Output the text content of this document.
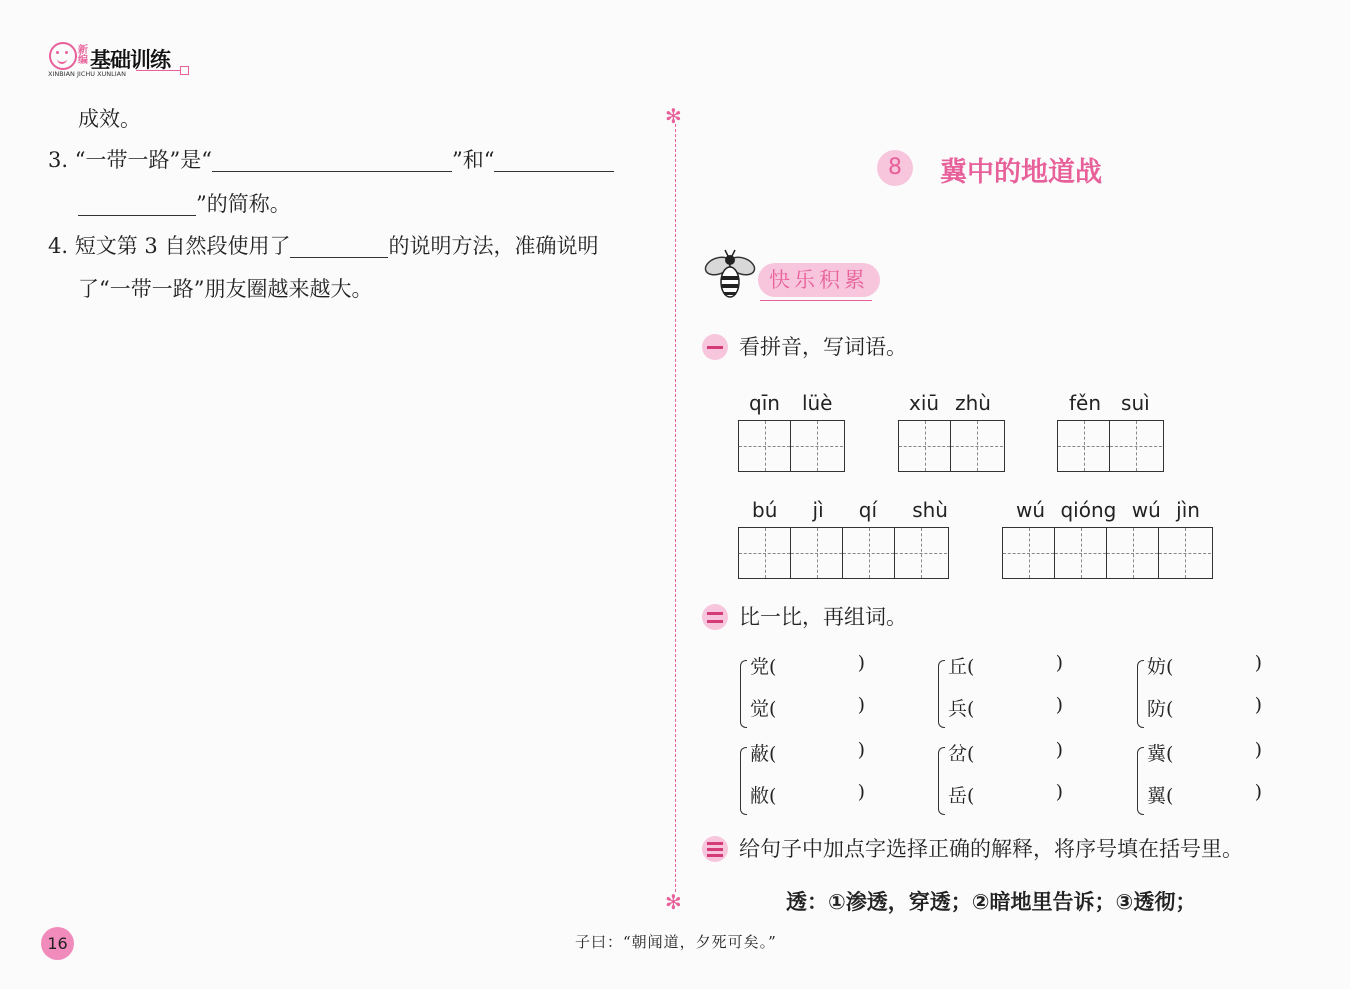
新编 基础训练
XINBIAN JICHU XUNLIAN
成效。
3. “一带一路”是“	”和“
”的简称。
4. 短文第 3 自然段使用了	的说明方法，准确说明
了“一带一路”朋友圈越来越大。
✻
✻
8	冀中的地道战
快乐积累
看拼音，写词语。
qīn lüè	xiū zhù	fěn suì
bú jì qí shù	wú qióng wú jìn
比一比，再组词。
党(	)
觉(	)
丘(	)
兵(	)
妨(	)
防(	)
蔽(	)
敝(	)
岔(	)
岳(	)
冀(	)
翼(	)
给句子中加点字选择正确的解释，将序号填在括号里。
透：①渗透，穿透；②暗地里告诉；③透彻；
16	子曰：“朝闻道，夕死可矣。”
